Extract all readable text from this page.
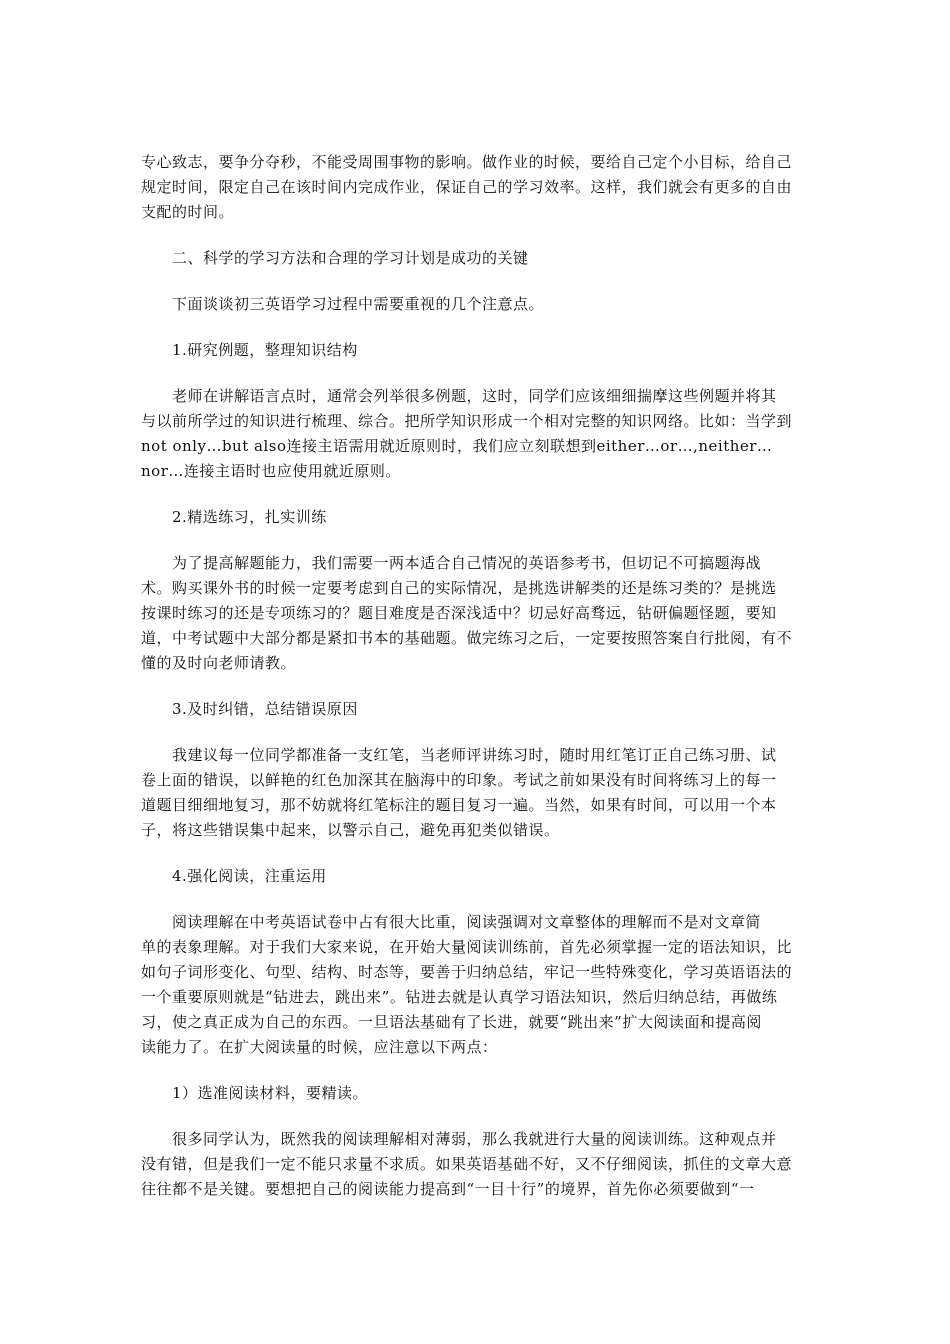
专心致志，要争分夺秒，不能受周围事物的影响。做作业的时候，要给自己定个小目标，给自己
规定时间，限定自己在该时间内完成作业，保证自己的学习效率。这样，我们就会有更多的自由
支配的时间。
二、科学的学习方法和合理的学习计划是成功的关键
下面谈谈初三英语学习过程中需要重视的几个注意点。
1.研究例题，整理知识结构
老师在讲解语言点时，通常会列举很多例题，这时，同学们应该细细揣摩这些例题并将其
与以前所学过的知识进行梳理、综合。把所学知识形成一个相对完整的知识网络。比如：当学到
not only…but also连接主语需用就近原则时，我们应立刻联想到either…or…,neither…
nor…连接主语时也应使用就近原则。
2.精选练习，扎实训练
为了提高解题能力，我们需要一两本适合自己情况的英语参考书，但切记不可搞题海战
术。购买课外书的时候一定要考虑到自己的实际情况，是挑选讲解类的还是练习类的？是挑选
按课时练习的还是专项练习的？题目难度是否深浅适中？切忌好高骛远，钻研偏题怪题，要知
道，中考试题中大部分都是紧扣书本的基础题。做完练习之后，一定要按照答案自行批阅，有不
懂的及时向老师请教。
3.及时纠错，总结错误原因
我建议每一位同学都准备一支红笔，当老师评讲练习时，随时用红笔订正自己练习册、试
卷上面的错误，以鲜艳的红色加深其在脑海中的印象。考试之前如果没有时间将练习上的每一
道题目细细地复习，那不妨就将红笔标注的题目复习一遍。当然，如果有时间，可以用一个本
子，将这些错误集中起来，以警示自己，避免再犯类似错误。
4.强化阅读，注重运用
阅读理解在中考英语试卷中占有很大比重，阅读强调对文章整体的理解而不是对文章简
单的表象理解。对于我们大家来说，在开始大量阅读训练前，首先必须掌握一定的语法知识，比
如句子词形变化、句型、结构、时态等，要善于归纳总结，牢记一些特殊变化，学习英语语法的
一个重要原则就是“钻进去，跳出来”。钻进去就是认真学习语法知识，然后归纳总结，再做练
习，使之真正成为自己的东西。一旦语法基础有了长进，就要“跳出来”扩大阅读面和提高阅
读能力了。在扩大阅读量的时候，应注意以下两点：
1）选准阅读材料，要精读。
很多同学认为，既然我的阅读理解相对薄弱，那么我就进行大量的阅读训练。这种观点并
没有错，但是我们一定不能只求量不求质。如果英语基础不好，又不仔细阅读，抓住的文章大意
往往都不是关键。要想把自己的阅读能力提高到“一目十行”的境界，首先你必须要做到“一
